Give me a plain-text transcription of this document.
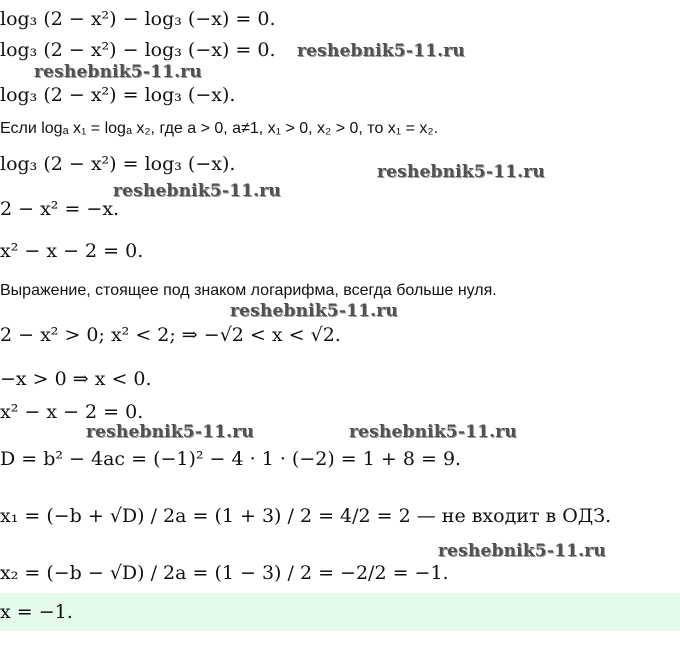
log₃ (2 − x²) − log₃ (−x) = 0.
log₃ (2 − x²) − log₃ (−x) = 0.
log₃ (2 − x²) = log₃ (−x).
Если logₐ x₁ = logₐ x₂, где a > 0, a≠1, x₁ > 0, x₂ > 0, то x₁ = x₂.
log₃ (2 − x²) = log₃ (−x).
2 − x² = −x.
x² − x − 2 = 0.
Выражение, стоящее под знаком логарифма, всегда больше нуля.
2 − x² > 0; x² < 2; ⇒ −√2 < x < √2.
−x > 0 ⇒ x < 0.
x² − x − 2 = 0.
D = b² − 4ac = (−1)² − 4 · 1 · (−2) = 1 + 8 = 9.
x₁ = (−b + √D) / 2a = (1 + 3) / 2 = 4/2 = 2 — не входит в ОДЗ.
x₂ = (−b − √D) / 2a = (1 − 3) / 2 = −2/2 = −1.
x = −1.
reshebnik5-11.ru
reshebnik5-11.ru
reshebnik5-11.ru
reshebnik5-11.ru
reshebnik5-11.ru
reshebnik5-11.ru	reshebnik5-11.ru
reshebnik5-11.ru
